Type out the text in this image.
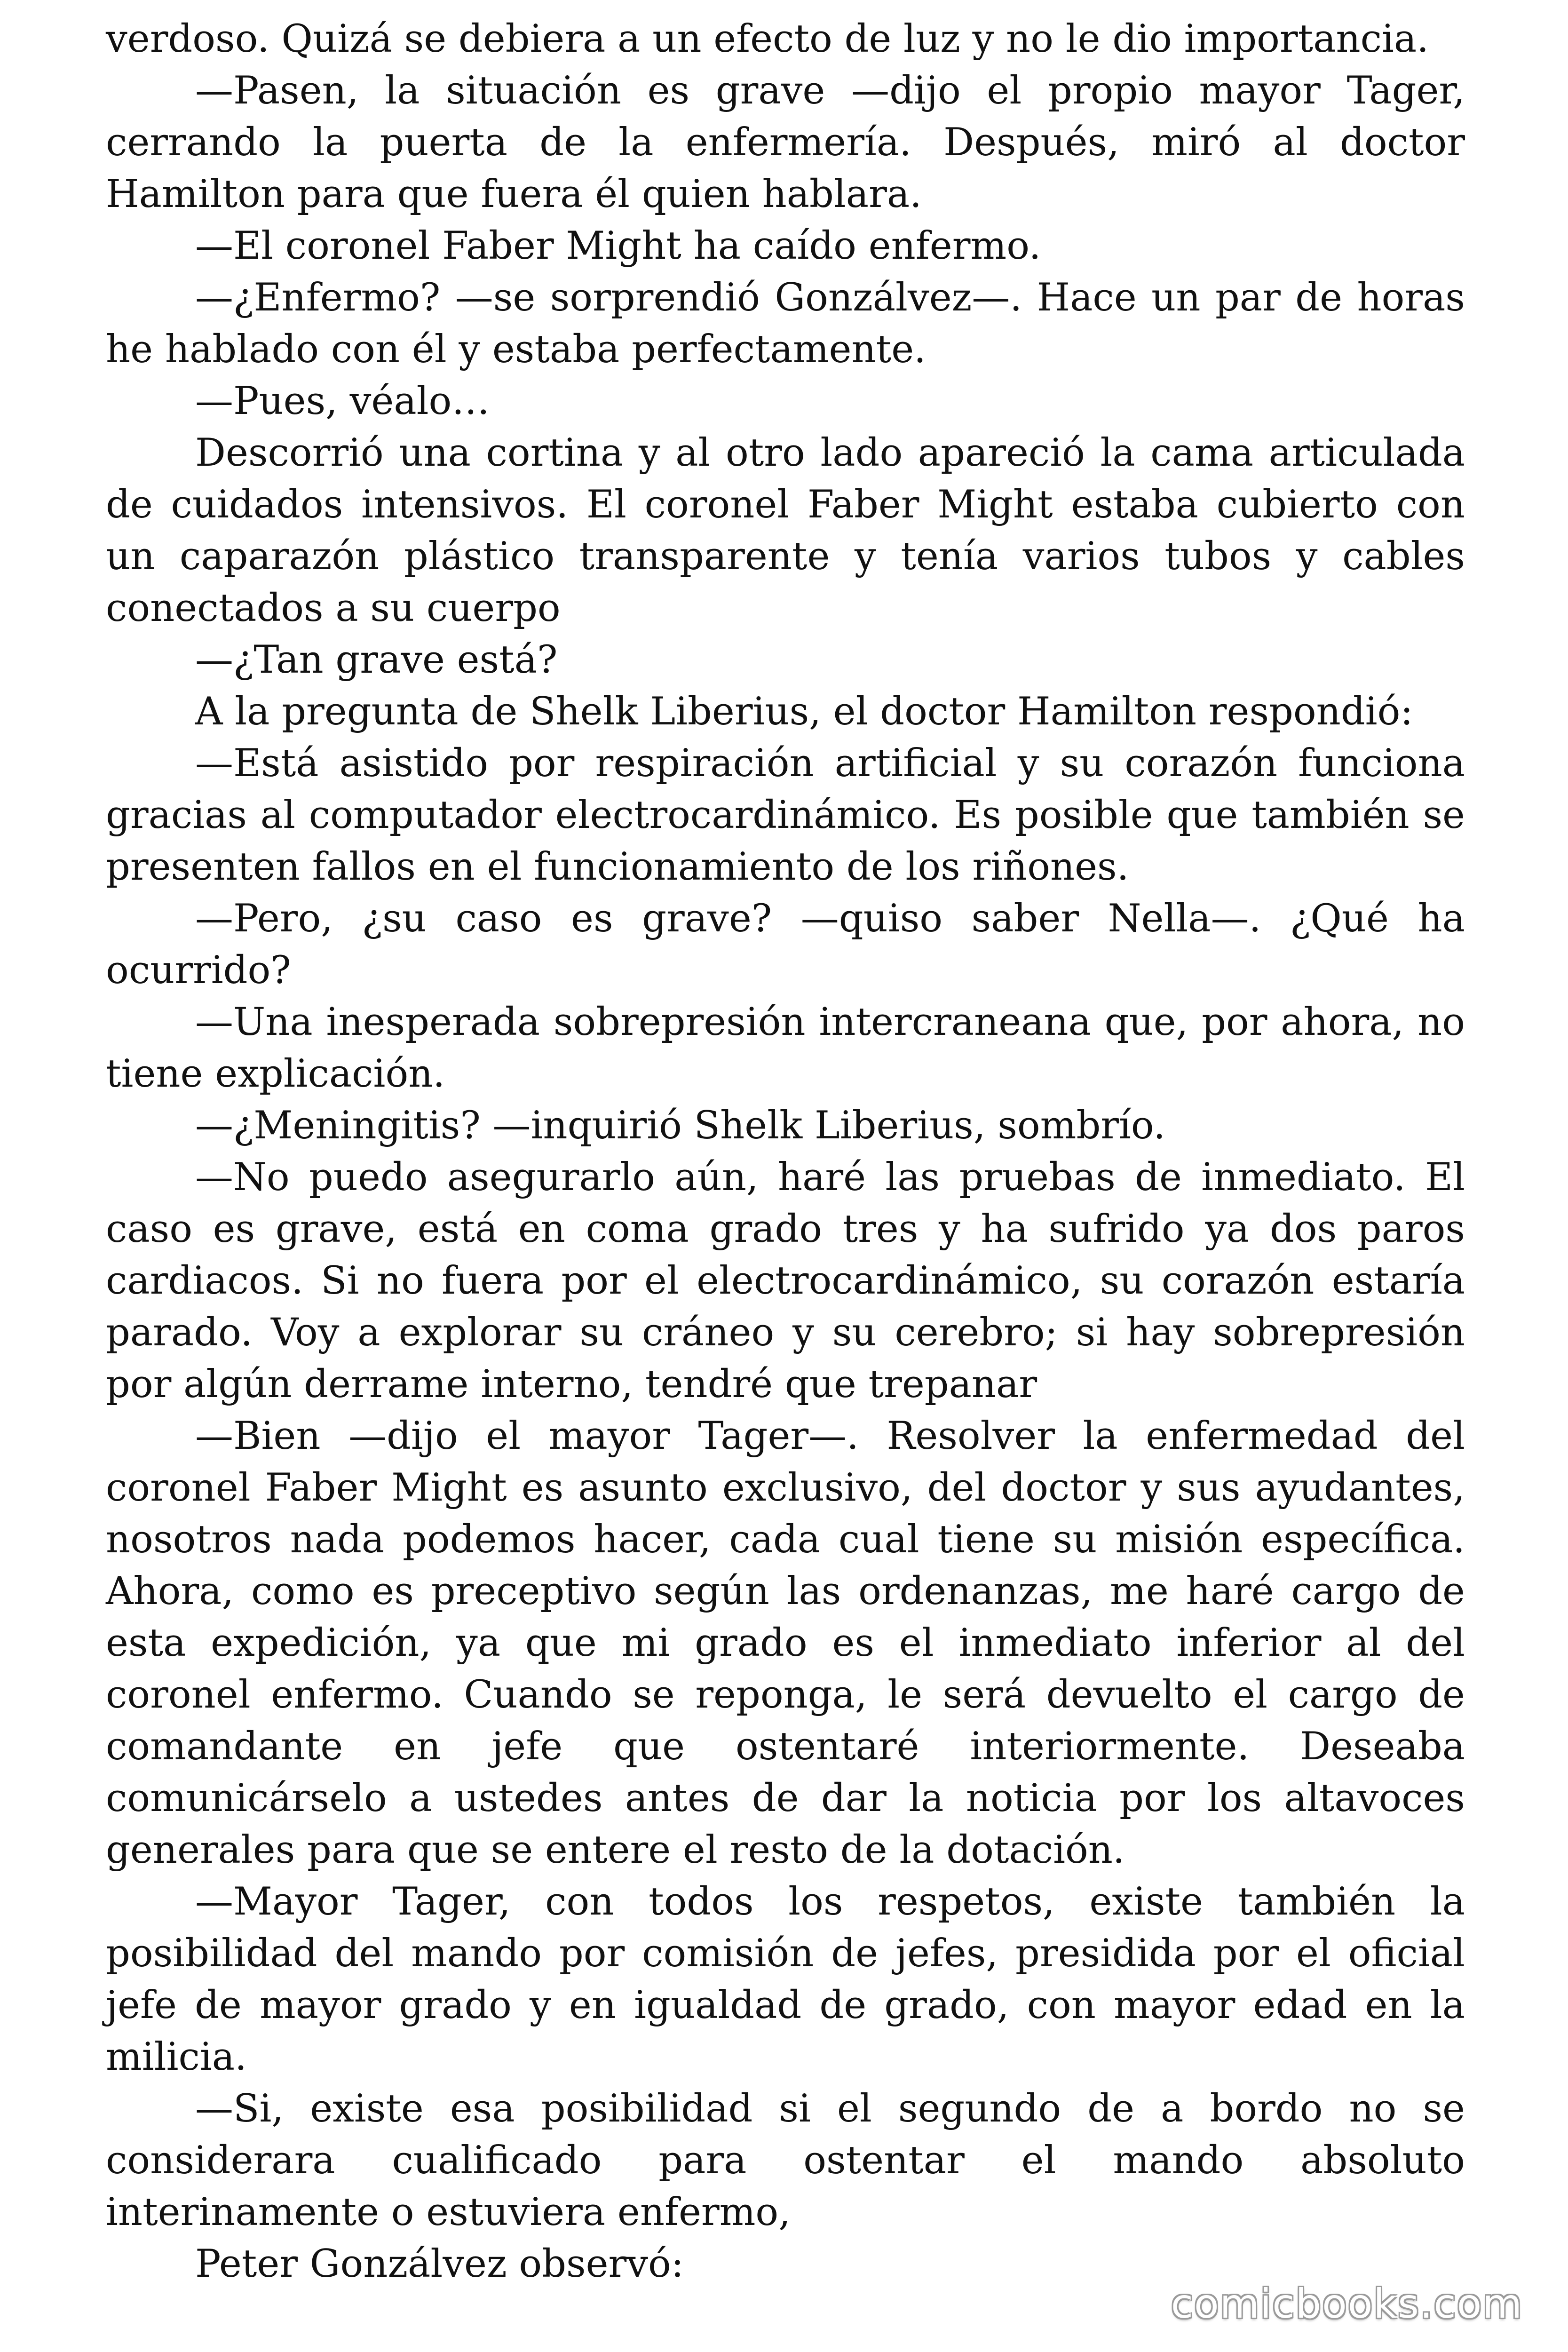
verdoso. Quizá se debiera a un efecto de luz y no le dio importancia.

—Pasen, la situación es grave —dijo el propio mayor Tager, cerrando la puerta de la enfermería. Después, miró al doctor Hamilton para que fuera él quien hablara.

—El coronel Faber Might ha caído enfermo.

—¿Enfermo? —se sorprendió Gonzálvez—. Hace un par de horas he hablado con él y estaba perfectamente.

—Pues, véalo…

Descorrió una cortina y al otro lado apareció la cama articulada de cuidados intensivos. El coronel Faber Might estaba cubierto con un caparazón plástico transparente y tenía varios tubos y cables conectados a su cuerpo

—¿Tan grave está?

A la pregunta de Shelk Liberius, el doctor Hamilton respondió:

—Está asistido por respiración artificial y su corazón funciona gracias al computador electrocardinámico. Es posible que también se presenten fallos en el funcionamiento de los riñones.

—Pero, ¿su caso es grave? —quiso saber Nella—. ¿Qué ha ocurrido?

—Una inesperada sobrepresión intercraneana que, por ahora, no tiene explicación.

—¿Meningitis? —inquirió Shelk Liberius, sombrío.

—No puedo asegurarlo aún, haré las pruebas de inmediato. El caso es grave, está en coma grado tres y ha sufrido ya dos paros cardiacos. Si no fuera por el electrocardinámico, su corazón estaría parado. Voy a explorar su cráneo y su cerebro; si hay sobrepresión por algún derrame interno, tendré que trepanar

—Bien —dijo el mayor Tager—. Resolver la enfermedad del coronel Faber Might es asunto exclusivo, del doctor y sus ayudantes, nosotros nada podemos hacer, cada cual tiene su misión específica. Ahora, como es preceptivo según las ordenanzas, me haré cargo de esta expedición, ya que mi grado es el inmediato inferior al del coronel enfermo. Cuando se reponga, le será devuelto el cargo de comandante en jefe que ostentaré interiormente. Deseaba comunicárselo a ustedes antes de dar la noticia por los altavoces generales para que se entere el resto de la dotación.

—Mayor Tager, con todos los respetos, existe también la posibilidad del mando por comisión de jefes, presidida por el oficial jefe de mayor grado y en igualdad de grado, con mayor edad en la milicia.

—Si, existe esa posibilidad si el segundo de a bordo no se considerara cualificado para ostentar el mando absoluto interinamente o estuviera enfermo,

Peter Gonzálvez observó:

comicbooks.com
